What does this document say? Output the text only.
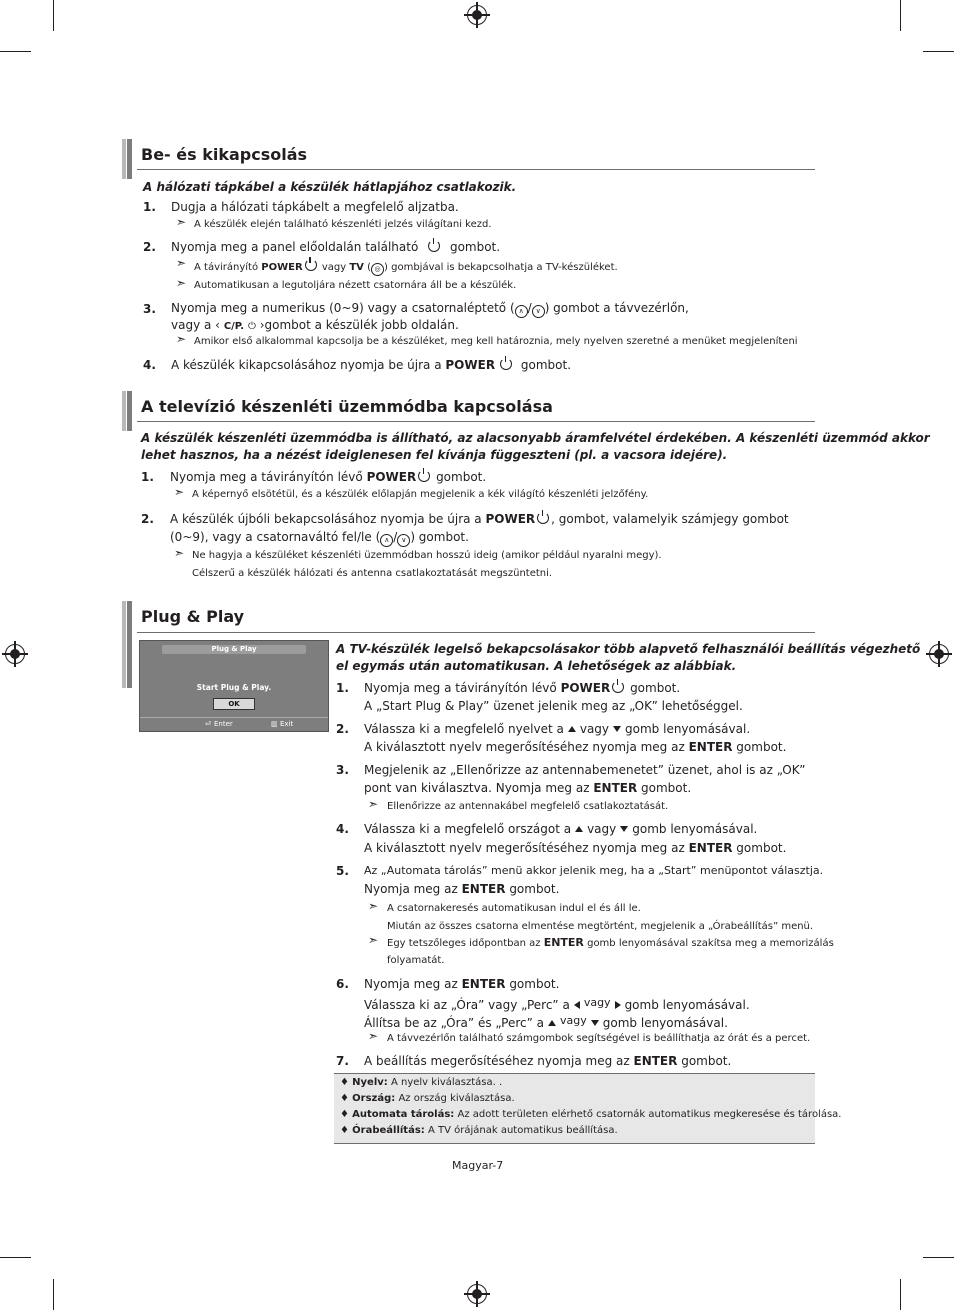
Be- és kikapcsolás
A hálózati tápkábel a készülék hátlapjához csatlakozik.
1. Dugja a hálózati tápkábelt a megfelelő aljzatba.
➣ A készülék elején található készenléti jelzés világítani kezd.
2. Nyomja meg a panel előoldalán található	gombot.
➣ A távirányító POWER vagy TV ( ◎ ) gombjával is bekapcsolhatja a TV-készüléket.
➣ Automatikusan a legutoljára nézett csatornára áll be a készülék.
3. Nyomja meg a numerikus (0~9) vagy a csatornaléptető ( ∧ / ∨ ) gombot a távvezérlőn,
vagy a ‹ C/P. ⏻ ›gombot a készülék jobb oldalán.
➣ Amikor első alkalommal kapcsolja be a készüléket, meg kell határoznia, mely nyelven szeretné a menüket megjeleníteni
4. A készülék kikapcsolásához nyomja be újra a POWER gombot.
A televízió készenléti üzemmódba kapcsolása
A készülék készenléti üzemmódba is állítható, az alacsonyabb áramfelvétel érdekében. A készenléti üzemmód akkor
lehet hasznos, ha a nézést ideiglenesen fel kívánja függeszteni (pl. a vacsora idejére).
1. Nyomja meg a távirányítón lévő POWER gombot.
➣ A képernyő elsötétül, és a készülék előlapján megjelenik a kék világító készenléti jelzőfény.
2. A készülék újbóli bekapcsolásához nyomja be újra a POWER , gombot, valamelyik számjegy gombot
(0~9), vagy a csatornaváltó fel/le ( ∧ / ∨ ) gombot.
➣ Ne hagyja a készüléket készenléti üzemmódban hosszú ideig (amikor például nyaralni megy).
Célszerű a készülék hálózati és antenna csatlakoztatását megszüntetni.
Plug & Play
Plug & Play
Start Plug & Play.
OK
⏎ Enter	▥ Exit
A TV-készülék legelső bekapcsolásakor több alapvető felhasználói beállítás végezhető
el egymás után automatikusan. A lehetőségek az alábbiak.
1. Nyomja meg a távirányítón lévő POWER gombot.
A „Start Plug & Play” üzenet jelenik meg az „OK” lehetőséggel.
2. Válassza ki a megfelelő nyelvet a vagy gomb lenyomásával.
A kiválasztott nyelv megerősítéséhez nyomja meg az ENTER gombot.
3. Megjelenik az „Ellenőrizze az antennabemenetet” üzenet, ahol is az „OK”
pont van kiválasztva. Nyomja meg az ENTER gombot.
➣ Ellenőrizze az antennakábel megfelelő csatlakoztatását.
4. Válassza ki a megfelelő országot a vagy gomb lenyomásával.
A kiválasztott nyelv megerősítéséhez nyomja meg az ENTER gombot.
5. Az „Automata tárolás” menü akkor jelenik meg, ha a „Start” menüpontot választja.
Nyomja meg az ENTER gombot.
➣ A csatornakeresés automatikusan indul el és áll le.
Miután az összes csatorna elmentése megtörtént, megjelenik a „Órabeállítás” menü.
➣ Egy tetszőleges időpontban az ENTER gomb lenyomásával szakítsa meg a memorizálás
folyamatát.
6. Nyomja meg az ENTER gombot.
Válassza ki az „Óra” vagy „Perc” a vagy gomb lenyomásával.
Állítsa be az „Óra” és „Perc” a vagy gomb lenyomásával.
➣ A távvezérlőn található számgombok segítségével is beállíthatja az órát és a percet.
7. A beállítás megerősítéséhez nyomja meg az ENTER gombot.
♦ Nyelv: A nyelv kiválasztása. .
♦ Ország: Az ország kiválasztása.
♦ Automata tárolás: Az adott területen elérhető csatornák automatikus megkeresése és tárolása.
♦ Órabeállítás: A TV órájának automatikus beállítása.
Magyar-7
